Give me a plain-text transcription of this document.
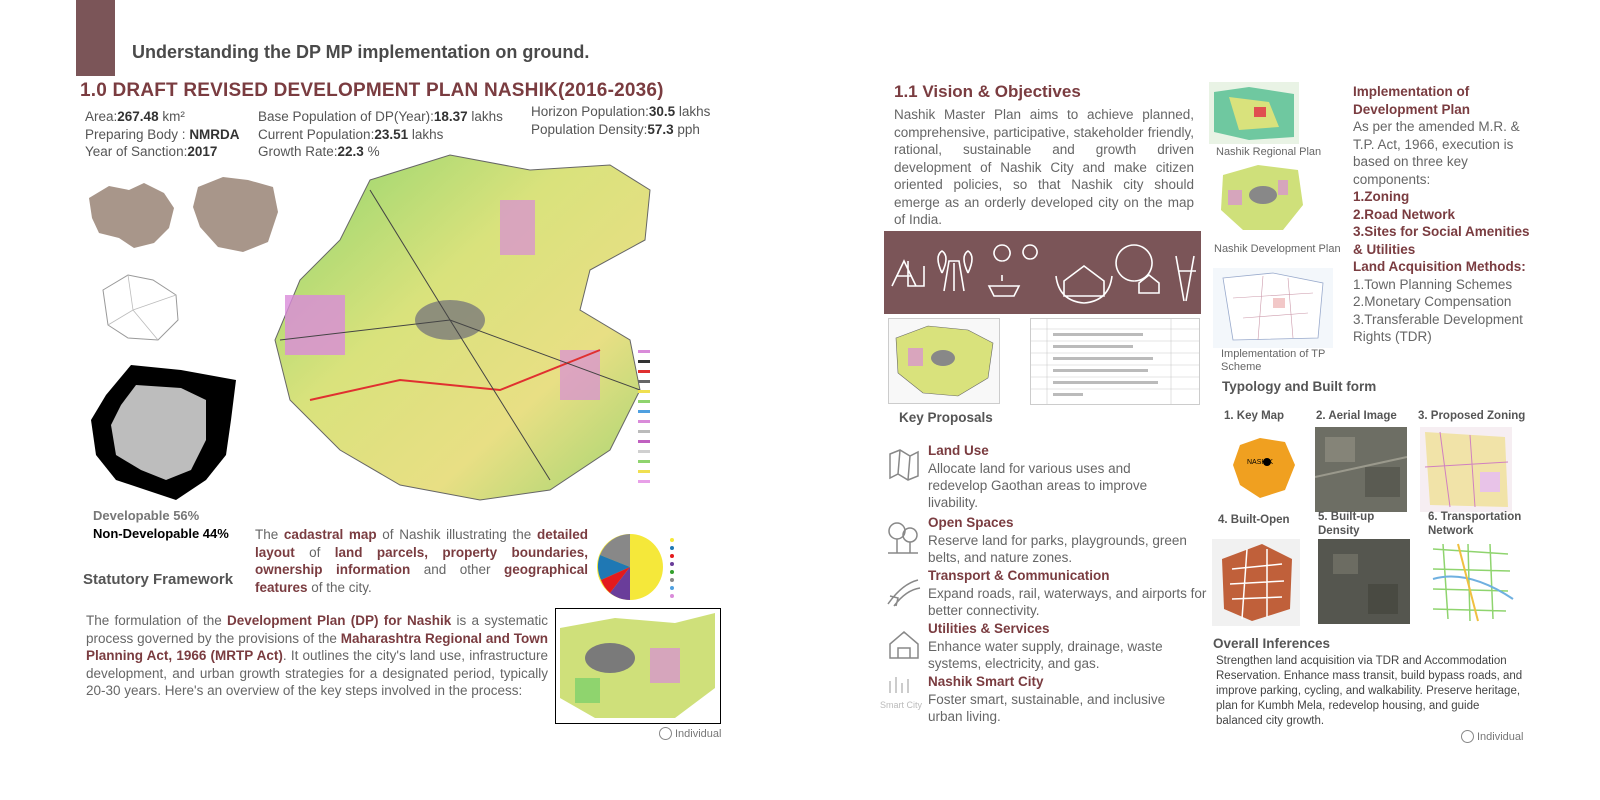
Understanding the DP MP implementation on ground.
1.0 DRAFT REVISED DEVELOPMENT PLAN NASHIK(2016-2036)
Area:267.48 km²
Preparing Body : NMRDA
Year of Sanction:2017
Base Population of DP(Year):18.37 lakhs
Current Population:23.51 lakhs
Growth Rate:22.3 %
Horizon Population:30.5 lakhs
Population Density:57.3 pph
Developable 56%
Non-Developable 44% The cadastral map of Nashik illustrating the detailed layout of land parcels, property boundaries, ownership information and other geographical features of the city.
Statutory Framework
The formulation of the Development Plan (DP) for Nashik is a systematic process governed by the provisions of the Maharashtra Regional and Town Planning Act, 1966 (MRTP Act). It outlines the city's land use, infrastructure development, and urban growth strategies for a designated period, typically 20-30 years. Here's an overview of the key steps involved in the process:
Individual
1.1 Vision & Objectives
Nashik Master Plan aims to achieve planned, comprehensive, participative, stakeholder friendly, rational, sustainable and growth driven development of Nashik City and make citizen oriented policies, so that Nashik city should emerge as an orderly developed city on the map of India.
Nashik Regional Plan
Nashik Development Plan
Implementation of TP Scheme
Implementation of Development Plan
As per the amended M.R. & T.P. Act, 1966, execution is based on three key components:
1.Zoning
2.Road Network
3.Sites for Social Amenities & Utilities
Land Acquisition Methods:
1.Town Planning Schemes
2.Monetary Compensation
3.Transferable Development Rights (TDR)
Key Proposals
Land Use
Allocate land for various uses and redevelop Gaothan areas to improve livability.
Open Spaces
Reserve land for parks, playgrounds, green belts, and nature zones.
Transport & Communication
Expand roads, rail, waterways, and airports for better connectivity.
Utilities & Services
Enhance water supply, drainage, waste systems, electricity, and gas.
Smart City
Nashik Smart City
Foster smart, sustainable, and inclusive urban living.
Typology and Built form
1. Key Map	2. Aerial Image 3. Proposed Zoning
NASHIK
4. Built-Open 5. Built-up Density
6. Transportation Network
Overall Inferences
Strengthen land acquisition via TDR and Accommodation Reservation. Enhance mass transit, build bypass roads, and improve parking, cycling, and walkability. Preserve heritage, plan for Kumbh Mela, redevelop housing, and guide balanced city growth.
Individual
